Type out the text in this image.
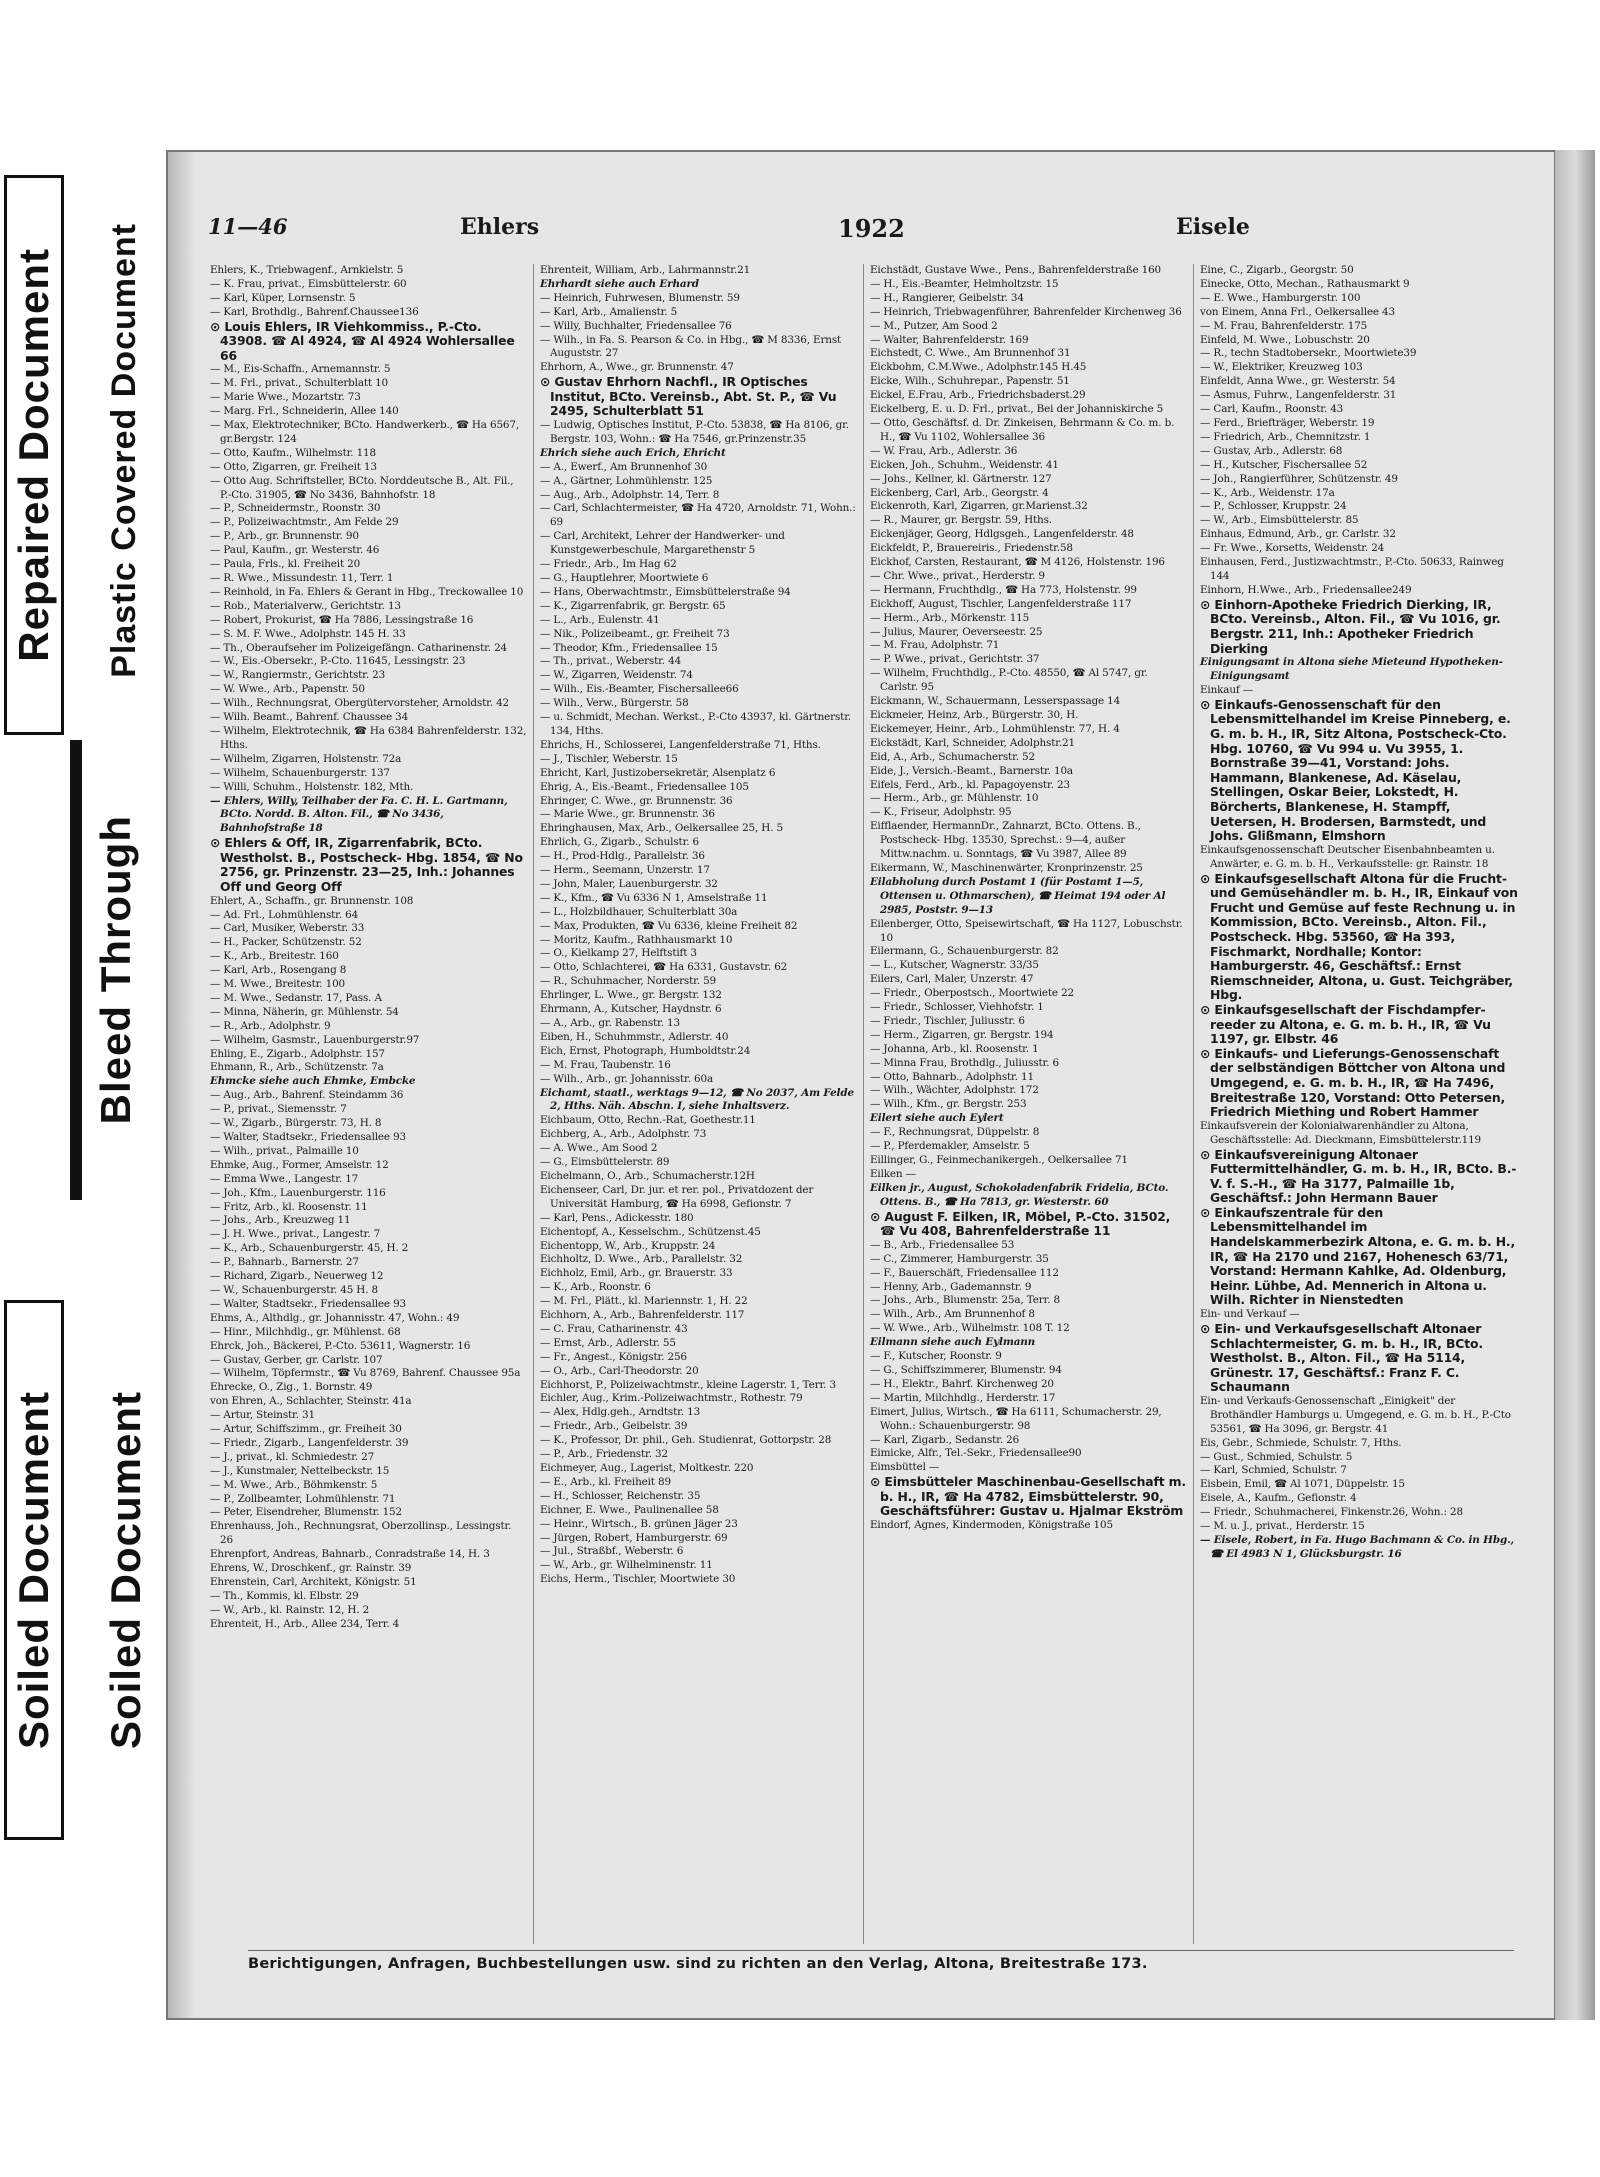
Repaired Document Plastic Covered Document
Bleed Through
Soiled Document Soiled Document
11—46	Ehlers	1922	Eisele

Ehlers, K., Triebwagenf., Arnkielstr. 5

— K. Frau, privat., Eimsbüttelerstr. 60

— Karl, Küper, Lornsenstr. 5

— Karl, Brothdlg., Bahrenf.Chaussee136

⊙ Louis Ehlers, IR Viehkommiss., P.-Cto. 43908. ☎ Al 4924, ☎ Al 4924 Wohlersallee 66

— M., Eis-Schaffn., Arnemannstr. 5

— M. Frl., privat., Schulterblatt 10

— Marie Wwe., Mozartstr. 73

— Marg. Frl., Schneiderin, Allee 140

— Max, Elektrotechniker, BCto. Handwerkerb., ☎ Ha 6567, gr.Bergstr. 124

— Otto, Kaufm., Wilhelmstr. 118

— Otto, Zigarren, gr. Freiheit 13

— Otto Aug. Schriftsteller, BCto. Norddeutsche B., Alt. Fil., P.-Cto. 31905, ☎ No 3436, Bahnhofstr. 18

— P., Schneidermstr., Roonstr. 30

— P., Polizeiwachtmstr., Am Felde 29

— P., Arb., gr. Brunnenstr. 90

— Paul, Kaufm., gr. Westerstr. 46

— Paula, Frls., kl. Freiheit 20

— R. Wwe., Missundestr. 11, Terr. 1

— Reinhold, in Fa. Ehlers & Gerant in Hbg., Treckowallee 10

— Rob., Materialverw., Gerichtstr. 13

— Robert, Prokurist, ☎ Ha 7886, Lessingstraße 16

— S. M. F. Wwe., Adolphstr. 145 H. 33

— Th., Oberaufseher im Polizeigefängn. Catharinenstr. 24

— W., Eis.-Obersekr., P.-Cto. 11645, Lessingstr. 23

— W., Rangiermstr., Gerichtstr. 23

— W. Wwe., Arb., Papenstr. 50

— Wilh., Rechnungsrat, Obergütervorsteher, Arnoldstr. 42

— Wilh. Beamt., Bahrenf. Chaussee 34

— Wilhelm, Elektrotechnik, ☎ Ha 6384 Bahrenfelderstr. 132, Hths.

— Wilhelm, Zigarren, Holstenstr. 72a

— Wilhelm, Schauenburgerstr. 137

— Willi, Schuhm., Holstenstr. 182, Mth.

— Ehlers, Willy, Teilhaber der Fa. C. H. L. Gartmann, BCto. Nordd. B. Alton. Fil., ☎ No 3436, Bahnhofstraße 18

⊙ Ehlers & Off, IR, Zigarrenfabrik, BCto. Westholst. B., Postscheck- Hbg. 1854, ☎ No 2756, gr. Prinzenstr. 23—25, Inh.: Johannes Off und Georg Off

Ehlert, A., Schaffn., gr. Brunnenstr. 108

— Ad. Frl., Lohmühlenstr. 64

— Carl, Musiker, Weberstr. 33

— H., Packer, Schützenstr. 52

— K., Arb., Breitestr. 160

— Karl, Arb., Rosengang 8

— M. Wwe., Breitestr. 100

— M. Wwe., Sedanstr. 17, Pass. A

— Minna, Näherin, gr. Mühlenstr. 54

— R., Arb., Adolphstr. 9

— Wilhelm, Gasmstr., Lauenburgerstr.97

Ehling, E., Zigarb., Adolphstr. 157

Ehmann, R., Arb., Schützenstr. 7a

Ehmcke siehe auch Ehmke, Embcke

— Aug., Arb., Bahrenf. Steindamm 36

— P., privat., Siemensstr. 7

— W., Zigarb., Bürgerstr. 73, H. 8

— Walter, Stadtsekr., Friedensallee 93

— Wilh., privat., Palmaille 10

Ehmke, Aug., Former, Amselstr. 12

— Emma Wwe., Langestr. 17

— Joh., Kfm., Lauenburgerstr. 116

— Fritz, Arb., kl. Roosenstr. 11

— Johs., Arb., Kreuzweg 11

— J. H. Wwe., privat., Langestr. 7

— K., Arb., Schauenburgerstr. 45, H. 2

— P., Bahnarb., Barnerstr. 27

— Richard, Zigarb., Neuerweg 12

— W., Schauenburgerstr. 45 H. 8

— Walter, Stadtsekr., Friedensallee 93

Ehms, A., Althdlg., gr. Johannisstr. 47, Wohn.: 49

— Hinr., Milchhdlg., gr. Mühlenst. 68

Ehrck, Joh., Bäckerei, P.-Cto. 53611, Wagnerstr. 16

— Gustav, Gerber, gr. Carlstr. 107

— Wilhelm, Töpfermstr., ☎ Vu 8769, Bahrenf. Chaussee 95a

Ehrecke, O., Zig., 1. Bornstr. 49

von Ehren, A., Schlachter, Steinstr. 41a

— Artur, Steinstr. 31

— Artur, Schiffszimm., gr. Freiheit 30

— Friedr., Zigarb., Langenfelderstr. 39

— J., privat., kl. Schmiedestr. 27

— J., Kunstmaler, Nettelbeckstr. 15

— M. Wwe., Arb., Böhmkenstr. 5

— P., Zollbeamter, Lohmühlenstr. 71

— Peter, Eisendreher, Blumenstr. 152

Ehrenhauss, Joh., Rechnungsrat, Oberzollinsp., Lessingstr. 26

Ehrenpfort, Andreas, Bahnarb., Conradstraße 14, H. 3

Ehrens, W., Droschkenf., gr. Rainstr. 39

Ehrenstein, Carl, Architekt, Königstr. 51

— Th., Kommis, kl. Elbstr. 29

— W., Arb., kl. Rainstr. 12, H. 2

Ehrenteit, H., Arb., Allee 234, Terr. 4

Ehrenteit, William, Arb., Lahrmannstr.21

Ehrhardt siehe auch Erhard

— Heinrich, Fuhrwesen, Blumenstr. 59

— Karl, Arb., Amalienstr. 5

— Willy, Buchhalter, Friedensallee 76

— Wilh., in Fa. S. Pearson & Co. in Hbg., ☎ M 8336, Ernst Auguststr. 27

Ehrhorn, A., Wwe., gr. Brunnenstr. 47

⊙ Gustav Ehrhorn Nachfl., IR Optisches Institut, BCto. Vereinsb., Abt. St. P., ☎ Vu 2495, Schulterblatt 51

— Ludwig, Optisches Institut, P.-Cto. 53838, ☎ Ha 8106, gr. Bergstr. 103, Wohn.: ☎ Ha 7546, gr.Prinzenstr.35

Ehrich siehe auch Erich, Ehricht

— A., Ewerf., Am Brunnenhof 30

— A., Gärtner, Lohmühlenstr. 125

— Aug., Arb., Adolphstr. 14, Terr. 8

— Carl, Schlachtermeister, ☎ Ha 4720, Arnoldstr. 71, Wohn.: 69

— Carl, Architekt, Lehrer der Handwerker- und Kunstgewerbeschule, Margarethenstr 5

— Friedr., Arb., Im Hag 62

— G., Hauptlehrer, Moortwiete 6

— Hans, Oberwachtmstr., Eimsbüttelerstraße 94

— K., Zigarrenfabrik, gr. Bergstr. 65

— L., Arb., Eulenstr. 41

— Nik., Polizeibeamt., gr. Freiheit 73

— Theodor, Kfm., Friedensallee 15

— Th., privat., Weberstr. 44

— W., Zigarren, Weidenstr. 74

— Wilh., Eis.-Beamter, Fischersallee66

— Wilh., Verw., Bürgerstr. 58

— u. Schmidt, Mechan. Werkst., P.-Cto 43937, kl. Gärtnerstr. 134, Hths.

Ehrichs, H., Schlosserei, Langenfelderstraße 71, Hths.

— J., Tischler, Weberstr. 15

Ehricht, Karl, Justizobersekretär, Alsenplatz 6

Ehrig, A., Eis.-Beamt., Friedensallee 105

Ehringer, C. Wwe., gr. Brunnenstr. 36

— Marie Wwe., gr. Brunnenstr. 36

Ehringhausen, Max, Arb., Oelkersallee 25, H. 5

Ehrlich, G., Zigarb., Schulstr. 6

— H., Prod-Hdlg., Parallelstr. 36

— Herm., Seemann, Unzerstr. 17

— John, Maler, Lauenburgerstr. 32

— K., Kfm., ☎ Vu 6336 N 1, Amselstraße 11

— L., Holzbildhauer, Schulterblatt 30a

— Max, Produkten, ☎ Vu 6336, kleine Freiheit 82

— Moritz, Kaufm., Rathhausmarkt 10

— O., Kielkamp 27, Helftstift 3

— Otto, Schlachterei, ☎ Ha 6331, Gustavstr. 62

— R., Schuhmacher, Norderstr. 59

Ehrlinger, L. Wwe., gr. Bergstr. 132

Ehrmann, A., Kutscher, Haydnstr. 6

— A., Arb., gr. Rabenstr. 13

Eiben, H., Schuhmmstr., Adlerstr. 40

Eich, Ernst, Photograph, Humboldtstr.24

— M. Frau, Taubenstr. 16

— Wilh., Arb., gr. Johannisstr. 60a

Eichamt, staatl., werktags 9—12, ☎ No 2037, Am Felde 2, Hths. Näh. Abschn. I, siehe Inhaltsverz.

Eichbaum, Otto, Rechn.-Rat, Goethestr.11

Eichberg, A., Arb., Adolphstr. 73

— A. Wwe., Am Sood 2

— G., Eimsbüttelerstr. 89

Eichelmann, O., Arb., Schumacherstr.12H

Eichenseer, Carl, Dr. jur. et rer. pol., Privatdozent der Universität Hamburg, ☎ Ha 6998, Gefionstr. 7

— Karl, Pens., Adickesstr. 180

Eichentopf, A., Kesselschm., Schützenst.45

Eichentopp, W., Arb., Kruppstr. 24

Eichholtz, D. Wwe., Arb., Parallelstr. 32

Eichholz, Emil, Arb., gr. Brauerstr. 33

— K., Arb., Roonstr. 6

— M. Frl., Plätt., kl. Mariennstr. 1, H. 22

Eichhorn, A., Arb., Bahrenfelderstr. 117

— C. Frau, Catharinenstr. 43

— Ernst, Arb., Adlerstr. 55

— Fr., Angest., Königstr. 256

— O., Arb., Carl-Theodorstr. 20

Eichhorst, P., Polizeiwachtmstr., kleine Lagerstr. 1, Terr. 3

Eichler, Aug., Krim.-Polizeiwachtmstr., Rothestr. 79

— Alex, Hdlg.geh., Arndtstr. 13

— Friedr., Arb., Geibelstr. 39

— K., Professor, Dr. phil., Geh. Studienrat, Gottorpstr. 28

— P., Arb., Friedenstr. 32

Eichmeyer, Aug., Lagerist, Moltkestr. 220

— E., Arb., kl. Freiheit 89

— H., Schlosser, Reichenstr. 35

Eichner, E. Wwe., Paulinenallee 58

— Heinr., Wirtsch., B. grünen Jäger 23

— Jürgen, Robert, Hamburgerstr. 69

— Jul., Straßbf., Weberstr. 6

— W., Arb., gr. Wilhelminenstr. 11

Eichs, Herm., Tischler, Moortwiete 30

Eichstädt, Gustave Wwe., Pens., Bahrenfelderstraße 160

— H., Eis.-Beamter, Helmholtzstr. 15

— H., Rangierer, Geibelstr. 34

— Heinrich, Triebwagenführer, Bahrenfelder Kirchenweg 36

— M., Putzer, Am Sood 2

— Walter, Bahrenfelderstr. 169

Eichstedt, C. Wwe., Am Brunnenhof 31

Eickbohm, C.M.Wwe., Adolphstr.145 H.45

Eicke, Wilh., Schuhrepar., Papenstr. 51

Eickel, E.Frau, Arb., Friedrichsbaderst.29

Eickelberg, E. u. D. Frl., privat., Bei der Johanniskirche 5

— Otto, Geschäftsf. d. Dr. Zinkeisen, Behrmann & Co. m. b. H., ☎ Vu 1102, Wohlersallee 36

— W. Frau, Arb., Adlerstr. 36

Eicken, Joh., Schuhm., Weidenstr. 41

— Johs., Kellner, kl. Gärtnerstr. 127

Eickenberg, Carl, Arb., Georgstr. 4

Eickenroth, Karl, Zigarren, gr.Marienst.32

— R., Maurer, gr. Bergstr. 59, Hths.

Eickenjäger, Georg, Hdlgsgeh., Langenfelderstr. 48

Eickfeldt, P., Brauereiris., Friedenstr.58

Eickhof, Carsten, Restaurant, ☎ M 4126, Holstenstr. 196

— Chr. Wwe., privat., Herderstr. 9

— Hermann, Fruchthdlg., ☎ Ha 773, Holstenstr. 99

Eickhoff, August, Tischler, Langenfelderstraße 117

— Herm., Arb., Mörkenstr. 115

— Julius, Maurer, Oeverseestr. 25

— M. Frau, Adolphstr. 71

— P. Wwe., privat., Gerichtstr. 37

— Wilhelm, Fruchthdlg., P.-Cto. 48550, ☎ Al 5747, gr. Carlstr. 95

Eickmann, W., Schauermann, Lesserspassage 14

Eickmeier, Heinz, Arb., Bürgerstr. 30, H.

Eickemeyer, Heinr., Arb., Lohmühlenstr. 77, H. 4

Eickstädt, Karl, Schneider, Adolphstr.21

Eid, A., Arb., Schumacherstr. 52

Eide, J., Versich.-Beamt., Barnerstr. 10a

Eifels, Ferd., Arb., kl. Papagoyenstr. 23

— Herm., Arb., gr. Mühlenstr. 10

— K., Friseur, Adolphstr. 95

Eifflaender, HermannDr., Zahnarzt, BCto. Ottens. B., Postscheck- Hbg. 13530, Sprechst.: 9—4, außer Mittw.nachm. u. Sonntags, ☎ Vu 3987, Allee 89

Eikermann, W., Maschinenwärter, Kronprinzenstr. 25

Eilabholung durch Postamt 1 (für Postamt 1—5, Ottensen u. Othmarschen), ☎ Heimat 194 oder Al 2985, Poststr. 9—13

Eilenberger, Otto, Speisewirtschaft, ☎ Ha 1127, Lobuschstr. 10

Eilermann, G., Schauenburgerstr. 82

— L., Kutscher, Wagnerstr. 33/35

Eilers, Carl, Maler, Unzerstr. 47

— Friedr., Oberpostsch., Moortwiete 22

— Friedr., Schlosser, Viehhofstr. 1

— Friedr., Tischler, Juliusstr. 6

— Herm., Zigarren, gr. Bergstr. 194

— Johanna, Arb., kl. Roosenstr. 1

— Minna Frau, Brothdlg., Juliusstr. 6

— Otto, Bahnarb., Adolphstr. 11

— Wilh., Wächter, Adolphstr. 172

— Wilh., Kfm., gr. Bergstr. 253

Eilert siehe auch Eylert

— F., Rechnungsrat, Düppelstr. 8

— P., Pferdemakler, Amselstr. 5

Eillinger, G., Feinmechanikergeh., Oelkersallee 71

Eilken —

Eilken jr., August, Schokoladenfabrik Fridelia, BCto. Ottens. B., ☎ Ha 7813, gr. Westerstr. 60

⊙ August F. Eilken, IR, Möbel, P.-Cto. 31502, ☎ Vu 408, Bahrenfelderstraße 11

— B., Arb., Friedensallee 53

— C., Zimmerer, Hamburgerstr. 35

— F., Bauerschäft, Friedensallee 112

— Henny, Arb., Gademannstr. 9

— Johs., Arb., Blumenstr. 25a, Terr. 8

— Wilh., Arb., Am Brunnenhof 8

— W. Wwe., Arb., Wilhelmstr. 108 T. 12

Eilmann siehe auch Eylmann

— F., Kutscher, Roonstr. 9

— G., Schiffszimmerer, Blumenstr. 94

— H., Elektr., Bahrf. Kirchenweg 20

— Martin, Milchhdlg., Herderstr. 17

Eimert, Julius, Wirtsch., ☎ Ha 6111, Schumacherstr. 29, Wohn.: Schauenburgerstr. 98

— Karl, Zigarb., Sedanstr. 26

Eimicke, Alfr., Tel.-Sekr., Friedensallee90

Eimsbüttel —

⊙ Eimsbütteler Maschinenbau-Gesellschaft m. b. H., IR, ☎ Ha 4782, Eimsbüttelerstr. 90, Geschäftsführer: Gustav u. Hjalmar Ekström

Eindorf, Agnes, Kindermoden, Königstraße 105

Eine, C., Zigarb., Georgstr. 50

Einecke, Otto, Mechan., Rathausmarkt 9

— E. Wwe., Hamburgerstr. 100

von Einem, Anna Frl., Oelkersallee 43

— M. Frau, Bahrenfelderstr. 175

Einfeld, M. Wwe., Lobuschstr. 20

— R., techn Stadtobersekr., Moortwiete39

— W., Elektriker, Kreuzweg 103

Einfeldt, Anna Wwe., gr. Westerstr. 54

— Asmus, Fuhrw., Langenfelderstr. 31

— Carl, Kaufm., Roonstr. 43

— Ferd., Briefträger, Weberstr. 19

— Friedrich, Arb., Chemnitzstr. 1

— Gustav, Arb., Adlerstr. 68

— H., Kutscher, Fischersallee 52

— Joh., Rangierführer, Schützenstr. 49

— K., Arb., Weidenstr. 17a

— P., Schlosser, Kruppstr. 24

— W., Arb., Eimsbüttelerstr. 85

Einhaus, Edmund, Arb., gr. Carlstr. 32

— Fr. Wwe., Korsetts, Weidenstr. 24

Einhausen, Ferd., Justizwachtmstr., P.-Cto. 50633, Rainweg 144

Einhorn, H.Wwe., Arb., Friedensallee249

⊙ Einhorn-Apotheke Friedrich Dierking, IR, BCto. Vereinsb., Alton. Fil., ☎ Vu 1016, gr. Bergstr. 211, Inh.: Apotheker Friedrich Dierking

Einigungsamt in Altona siehe Mieteund Hypotheken-Einigungsamt

Einkauf —

⊙ Einkaufs-Genossenschaft für den Lebensmittelhandel im Kreise Pinneberg, e. G. m. b. H., IR, Sitz Altona, Postscheck-Cto. Hbg. 10760, ☎ Vu 994 u. Vu 3955, 1. Bornstraße 39—41, Vorstand: Johs. Hammann, Blankenese, Ad. Käselau, Stellingen, Oskar Beier, Lokstedt, H. Börcherts, Blankenese, H. Stampff, Uetersen, H. Brodersen, Barmstedt, und Johs. Glißmann, Elmshorn

Einkaufsgenossenschaft Deutscher Eisenbahnbeamten u. Anwärter, e. G. m. b. H., Verkaufsstelle: gr. Rainstr. 18

⊙ Einkaufsgesellschaft Altona für die Frucht- und Gemüsehändler m. b. H., IR, Einkauf von Frucht und Gemüse auf feste Rechnung u. in Kommission, BCto. Vereinsb., Alton. Fil., Postscheck. Hbg. 53560, ☎ Ha 393, Fischmarkt, Nordhalle; Kontor: Hamburgerstr. 46, Geschäftsf.: Ernst Riemschneider, Altona, u. Gust. Teichgräber, Hbg.

⊙ Einkaufsgesellschaft der Fischdampferreeder zu Altona, e. G. m. b. H., IR, ☎ Vu 1197, gr. Elbstr. 46

⊙ Einkaufs- und Lieferungs-Genossenschaft der selbständigen Böttcher von Altona und Umgegend, e. G. m. b. H., IR, ☎ Ha 7496, Breitestraße 120, Vorstand: Otto Petersen, Friedrich Miething und Robert Hammer

Einkaufsverein der Kolonialwarenhändler zu Altona, Geschäftsstelle: Ad. Dieckmann, Eimsbüttelerstr.119

⊙ Einkaufsvereinigung Altonaer Futtermittelhändler, G. m. b. H., IR, BCto. B.-V. f. S.-H., ☎ Ha 3177, Palmaille 1b, Geschäftsf.: John Hermann Bauer

⊙ Einkaufszentrale für den Lebensmittelhandel im Handelskammerbezirk Altona, e. G. m. b. H., IR, ☎ Ha 2170 und 2167, Hohenesch 63/71, Vorstand: Hermann Kahlke, Ad. Oldenburg, Heinr. Lühbe, Ad. Mennerich in Altona u. Wilh. Richter in Nienstedten

Ein- und Verkauf —

⊙ Ein- und Verkaufsgesellschaft Altonaer Schlachtermeister, G. m. b. H., IR, BCto. Westholst. B., Alton. Fil., ☎ Ha 5114, Grünestr. 17, Geschäftsf.: Franz F. C. Schaumann

Ein- und Verkaufs-Genossenschaft „Einigkeit" der Brothändler Hamburgs u. Umgegend, e. G. m. b. H., P.-Cto 53561, ☎ Ha 3096, gr. Bergstr. 41

Eis, Gebr., Schmiede, Schulstr. 7, Hths.

— Gust., Schmied, Schulstr. 5

— Karl, Schmied, Schulstr. 7

Eisbein, Emil, ☎ Al 1071, Düppelstr. 15

Eisele, A., Kaufm., Gefionstr. 4

— Friedr., Schuhmacherei, Finkenstr.26, Wohn.: 28

— M. u. J., privat., Herderstr. 15

— Eisele, Robert, in Fa. Hugo Bachmann & Co. in Hbg., ☎ El 4983 N 1, Glücksburgstr. 16

Berichtigungen, Anfragen, Buchbestellungen usw. sind zu richten an den Verlag, Altona, Breitestraße 173.
